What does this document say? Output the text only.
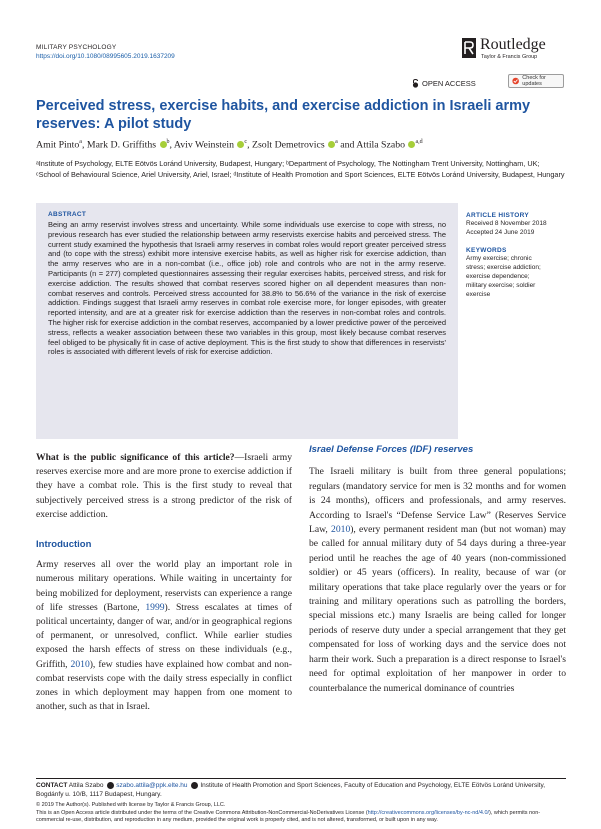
MILITARY PSYCHOLOGY
https://doi.org/10.1080/08995605.2019.1637209
Routledge
Taylor & Francis Group
OPEN ACCESS
Check for updates
Perceived stress, exercise habits, and exercise addiction in Israeli army reserves: A pilot study
Amit Pinto$^a$, Mark D. Griffiths $^b$, Aviv Weinstein $^c$, Zsolt Demetrovics $^a$ and Attila Szabo $^{a,d}$

ᵃInstitute of Psychology, ELTE Eötvös Loránd University, Budapest, Hungary; ᵇDepartment of Psychology, The Nottingham Trent University, Nottingham, UK; ᶜSchool of Behavioural Science, Ariel University, Ariel, Israel; ᵈInstitute of Health Promotion and Sport Sciences, ELTE Eötvös Loránd University, Budapest, Hungary

ABSTRACT

Being an army reservist involves stress and uncertainty. While some individuals use exercise to cope with stress, no previous research has ever studied the relationship between army reservists exercise habits and perceived stress. The current study examined the hypothesis that Israeli army reserves in combat roles would report greater perceived stress and (to cope with the stress) exhibit more intensive exercise habits, as well as higher risk for exercise addiction, than the army reserves who are in a non-combat (i.e., office job) role and controls who are not in the army reserve. Participants (n = 277) completed questionnaires assessing their regular exercises habits, perceived stress, and risk for exercise addiction. The results showed that combat reserves scored higher on all dependent measures than non-combat reserves and controls. Perceived stress accounted for 38.8% to 56.6% of the variance in the risk of exercise addiction. Findings suggest that Israeli army reserves in combat role exercise more, for longer episodes, with greater reported intensity, and are at a greater risk for exercise addiction than the reserves in non-combat roles and controls. The higher risk for exercise addiction in the combat reserves, accompanied by a lower predictive power of the perceived stress, reflects a weaker association between these two variables in this group, most likely because combat reserves feel obliged to be physically fit in case of active deployment. This is the first study to show that differences in reservists' roles is associated with different levels of risk for exercise addiction.

ARTICLE HISTORY
Received 8 November 2018
Accepted 24 June 2019
KEYWORDS
Army exercise; chronic
stress; exercise addiction;
exercise dependence;
military exercise; soldier
exercise

What is the public significance of this article?—Israeli army reserves exercise more and are more prone to exercise addiction if they have a combat role. This is the first study to reveal that subjectively perceived stress is a strong predictor of the risk of exercise addiction.

Introduction

Army reserves all over the world play an important role in numerous military operations. While waiting in uncertainty for being mobilized for deployment, reservists can experience a range of life stresses (Bartone, 1999). Stress escalates at times of political uncertainty, danger of war, and/or in geographical regions of permanent, or unresolved, conflict. While earlier studies exposed the harsh effects of stress on these individuals (e.g., Griffith, 2010), few studies have explained how combat and non-combat reservists cope with the daily stress especially in conflict zones in which deployment may happen from one moment to another, such as that in Israel.

Israel Defense Forces (IDF) reserves

The Israeli military is built from three general populations; regulars (mandatory service for men is 32 months and for women is 24 months), officers and professionals, and army reserves. According to Israel's “Defense Service Law” (Reserves Service Law, 2010), every permanent resident man (but not woman) may be called for annual military duty of 54 days during a three-year period until he reaches the age of 40 years (non-commissioned soldier) or 45 years (officers). In reality, because of war (or military operations that take place regularly over the years or for training and military operations such as patrolling the borders, special missions etc.) many Israelis are being called for longer periods of reserve duty under a special arrangement that they get compensated for loss of working days and the service does not harm their work. Such a preparation is a direct response to Israel's need for optimal exploitation of her manpower in order to counterbalance the numerical dominance of countries

CONTACT Attila Szabo szabo.attila@ppk.elte.hu Institute of Health Promotion and Sport Sciences, Faculty of Education and Psychology, ELTE Eötvös Loránd University, Bogdánfy u. 10/B, 1117 Budapest, Hungary.

© 2019 The Author(s). Published with license by Taylor & Francis Group, LLC.

This is an Open Access article distributed under the terms of the Creative Commons Attribution-NonCommercial-NoDerivatives License (http://creativecommons.org/licenses/by-nc-nd/4.0/), which permits non-commercial re-use, distribution, and reproduction in any medium, provided the original work is properly cited, and is not altered, transformed, or built upon in any way.
